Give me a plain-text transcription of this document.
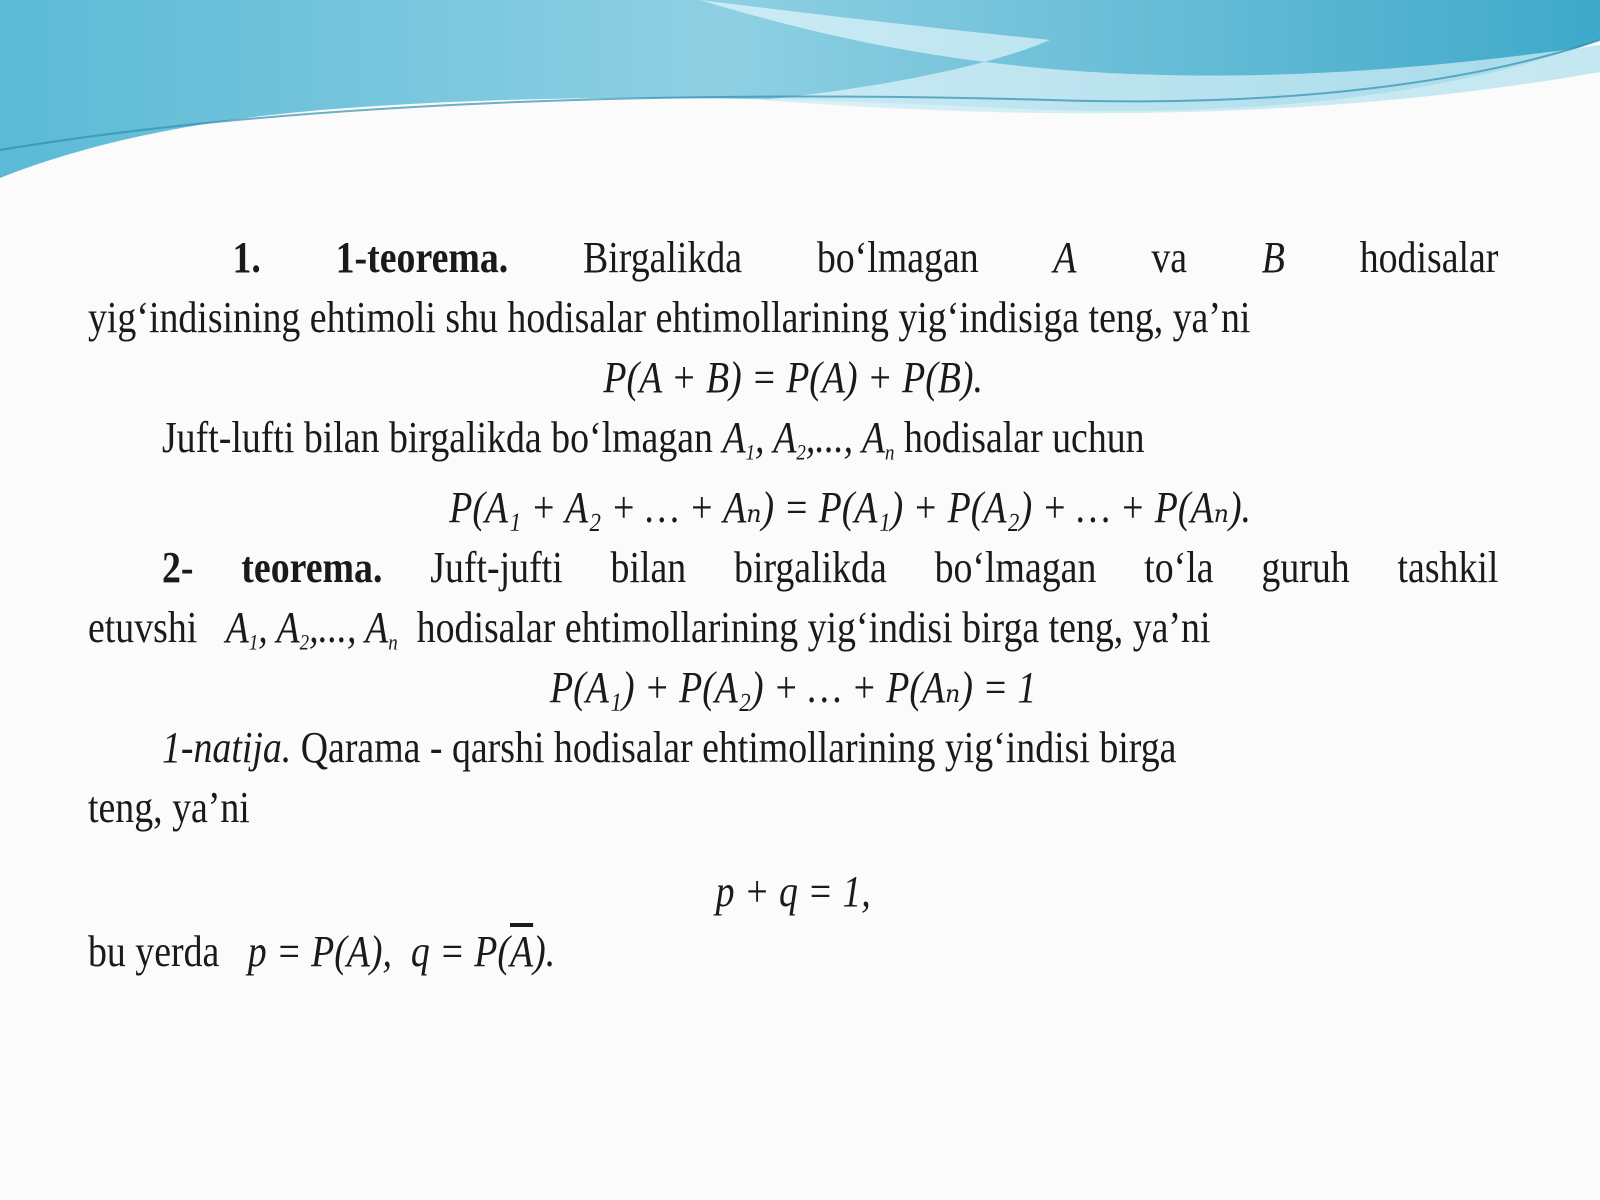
1. 1-teorema. Birgalikda bo‘lmagan A va B hodisalar

yig‘indisining ehtimoli shu hodisalar ehtimollarining yig‘indisiga teng, ya’ni

P(A + B) = P(A) + P(B).

Juft-lufti bilan birgalikda bo‘lmagan $A_1$, $A_2$,..., $A_n$ hodisalar uchun

P(A₁ + A₂ + … + Aₙ) = P(A₁) + P(A₂) + … + P(Aₙ).

2- teorema. Juft-jufti bilan birgalikda bo‘lmagan to‘la guruh tashkil

etuvshi $A_1$, $A_2$,..., $A_n$ hodisalar ehtimollarining yig‘indisi birga teng, ya’ni

P(A₁) + P(A₂) + … + P(Aₙ) = 1

1-natija. Qarama - qarshi hodisalar ehtimollarining yig‘indisi birga

teng, ya’ni

p + q = 1,

bu yerda p = P(A), $q = P(\overline{A})$.
